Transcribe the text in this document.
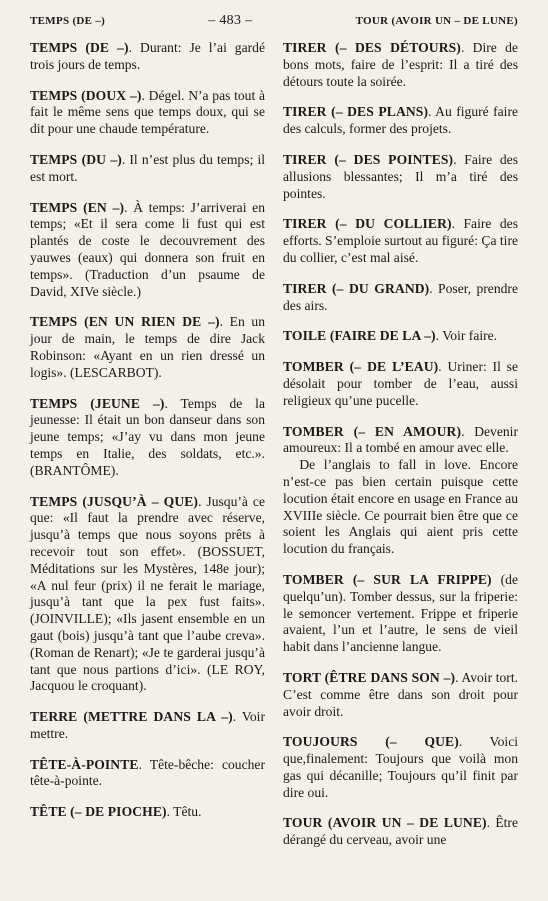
TEMPS (DE –)	– 483 –	TOUR (AVOIR UN – DE LUNE)

TEMPS (DE –). Durant: Je l’ai gardé trois jours de temps.

TEMPS (DOUX –). Dégel. N’a pas tout à fait le même sens que temps doux, qui se dit pour une chaude température.

TEMPS (DU –). Il n’est plus du temps; il est mort.

TEMPS (EN –). À temps: J’arriverai en temps; «Et il sera come li fust qui est plantés de coste le decouvrement des yauwes (eaux) qui donnera son fruit en temps». (Traduction d’un psaume de David, XIVe siècle.)

TEMPS (EN UN RIEN DE –). En un jour de main, le temps de dire Jack Robinson: «Ayant en un rien dressé un logis». (LESCARBOT).

TEMPS (JEUNE –). Temps de la jeunesse: Il était un bon danseur dans son jeune temps; «J’ay vu dans mon jeune temps en Italie, des soldats, etc.». (BRANTÔME).

TEMPS (JUSQU’À – QUE). Jusqu’à ce que: «Il faut la prendre avec réserve, jusqu’à temps que nous soyons prêts à recevoir tout son effet». (BOSSUET, Méditations sur les Mystères, 148e jour); «A nul feur (prix) il ne ferait le mariage, jusqu’à tant que la pex fust faits». (JOINVILLE); «Ils jasent ensemble en un gaut (bois) jusqu’à tant que l’aube creva». (Roman de Renart); «Je te garderai jusqu’à tant que nous partions d’ici». (LE ROY, Jacquou le croquant).

TERRE (METTRE DANS LA –). Voir mettre.

TÊTE-À-POINTE. Tête-bêche: coucher tête-à-pointe.

TÊTE (– DE PIOCHE). Têtu.

TIRER (– DES DÉTOURS). Dire de bons mots, faire de l’esprit: Il a tiré des détours toute la soirée.

TIRER (– DES PLANS). Au figuré faire des calculs, former des projets.

TIRER (– DES POINTES). Faire des allusions blessantes; Il m’a tiré des pointes.

TIRER (– DU COLLIER). Faire des efforts. S’emploie surtout au figuré: Ça tire du collier, c’est mal aisé.

TIRER (– DU GRAND). Poser, prendre des airs.

TOILE (FAIRE DE LA –). Voir faire.

TOMBER (– DE L’EAU). Uriner: Il se désolait pour tomber de l’eau, aussi religieux qu’une pucelle.

TOMBER (– EN AMOUR). Devenir amoureux: Il a tombé en amour avec elle.

De l’anglais to fall in love. Encore n’est-ce pas bien certain puisque cette locution était encore en usage en France au XVIIIe siècle. Ce pourrait bien être que ce soient les Anglais qui aient pris cette locution du français.

TOMBER (– SUR LA FRIPPE) (de quelqu’un). Tomber dessus, sur la friperie: le semoncer vertement. Frippe et friperie avaient, l’un et l’autre, le sens de vieil habit dans l’ancienne langue.

TORT (ÊTRE DANS SON –). Avoir tort. C’est comme être dans son droit pour avoir droit.

TOUJOURS (– QUE). Voici que,finalement: Toujours que voilà mon gas qui décanille; Toujours qu’il finit par dire oui.

TOUR (AVOIR UN – DE LUNE). Être dérangé du cerveau, avoir une
